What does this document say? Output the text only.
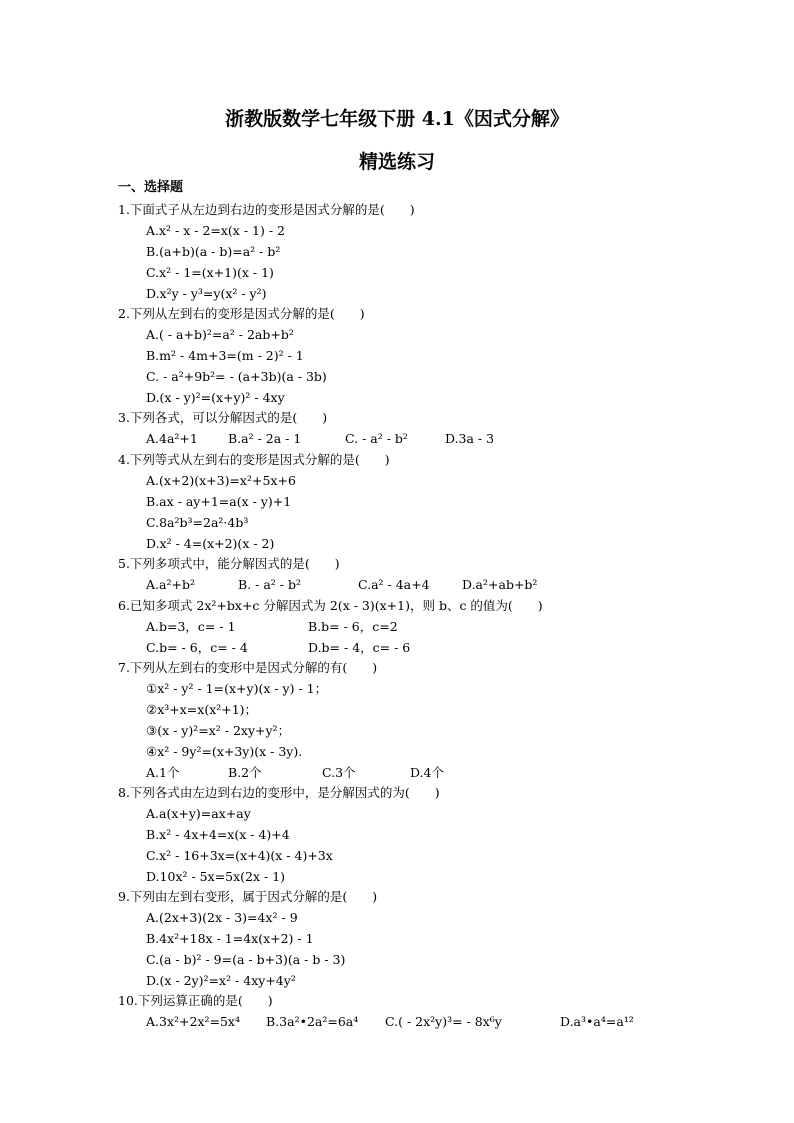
浙教版数学七年级下册 4.1《因式分解》
精选练习
一、选择题
1.下面式子从左边到右边的变形是因式分解的是(　　)
A.x² - x - 2=x(x - 1) - 2
B.(a+b)(a - b)=a² - b²
C.x² - 1=(x+1)(x - 1)
D.x²y - y³=y(x² - y²)
2.下列从左到右的变形是因式分解的是(　　)
A.( - a+b)²=a² - 2ab+b²
B.m² - 4m+3=(m - 2)² - 1
C. - a²+9b²= - (a+3b)(a - 3b)
D.(x - y)²=(x+y)² - 4xy
3.下列各式，可以分解因式的是(　　)
A.4a²+1 B.a² - 2a - 1	C. - a² - b²	D.3a - 3
4.下列等式从左到右的变形是因式分解的是(　　)
A.(x+2)(x+3)=x²+5x+6
B.ax - ay+1=a(x - y)+1
C.8a²b³=2a²·4b³
D.x² - 4=(x+2)(x - 2)
5.下列多项式中，能分解因式的是(　　)
A.a²+b²	B. - a² - b²	C.a² - 4a+4	D.a²+ab+b²
6.已知多项式 2x²+bx+c 分解因式为 2(x - 3)(x+1)，则 b、c 的值为(　　)
A.b=3，c= - 1	B.b= - 6，c=2
C.b= - 6，c= - 4	D.b= - 4，c= - 6
7.下列从左到右的变形中是因式分解的有(　　)
①x² - y² - 1=(x+y)(x - y) - 1；
②x³+x=x(x²+1)；
③(x - y)²=x² - 2xy+y²；
④x² - 9y²=(x+3y)(x - 3y).
A.1个	B.2个	C.3个	D.4个
8.下列各式由左边到右边的变形中，是分解因式的为(　　)
A.a(x+y)=ax+ay
B.x² - 4x+4=x(x - 4)+4
C.x² - 16+3x=(x+4)(x - 4)+3x
D.10x² - 5x=5x(2x - 1)
9.下列由左到右变形，属于因式分解的是(　　)
A.(2x+3)(2x - 3)=4x² - 9
B.4x²+18x - 1=4x(x+2) - 1
C.(a - b)² - 9=(a - b+3)(a - b - 3)
D.(x - 2y)²=x² - 4xy+4y²
10.下列运算正确的是(　　)
A.3x²+2x²=5x⁴ B.3a²•2a²=6a⁴ C.( - 2x²y)³= - 8x⁶y	D.a³•a⁴=a¹²
